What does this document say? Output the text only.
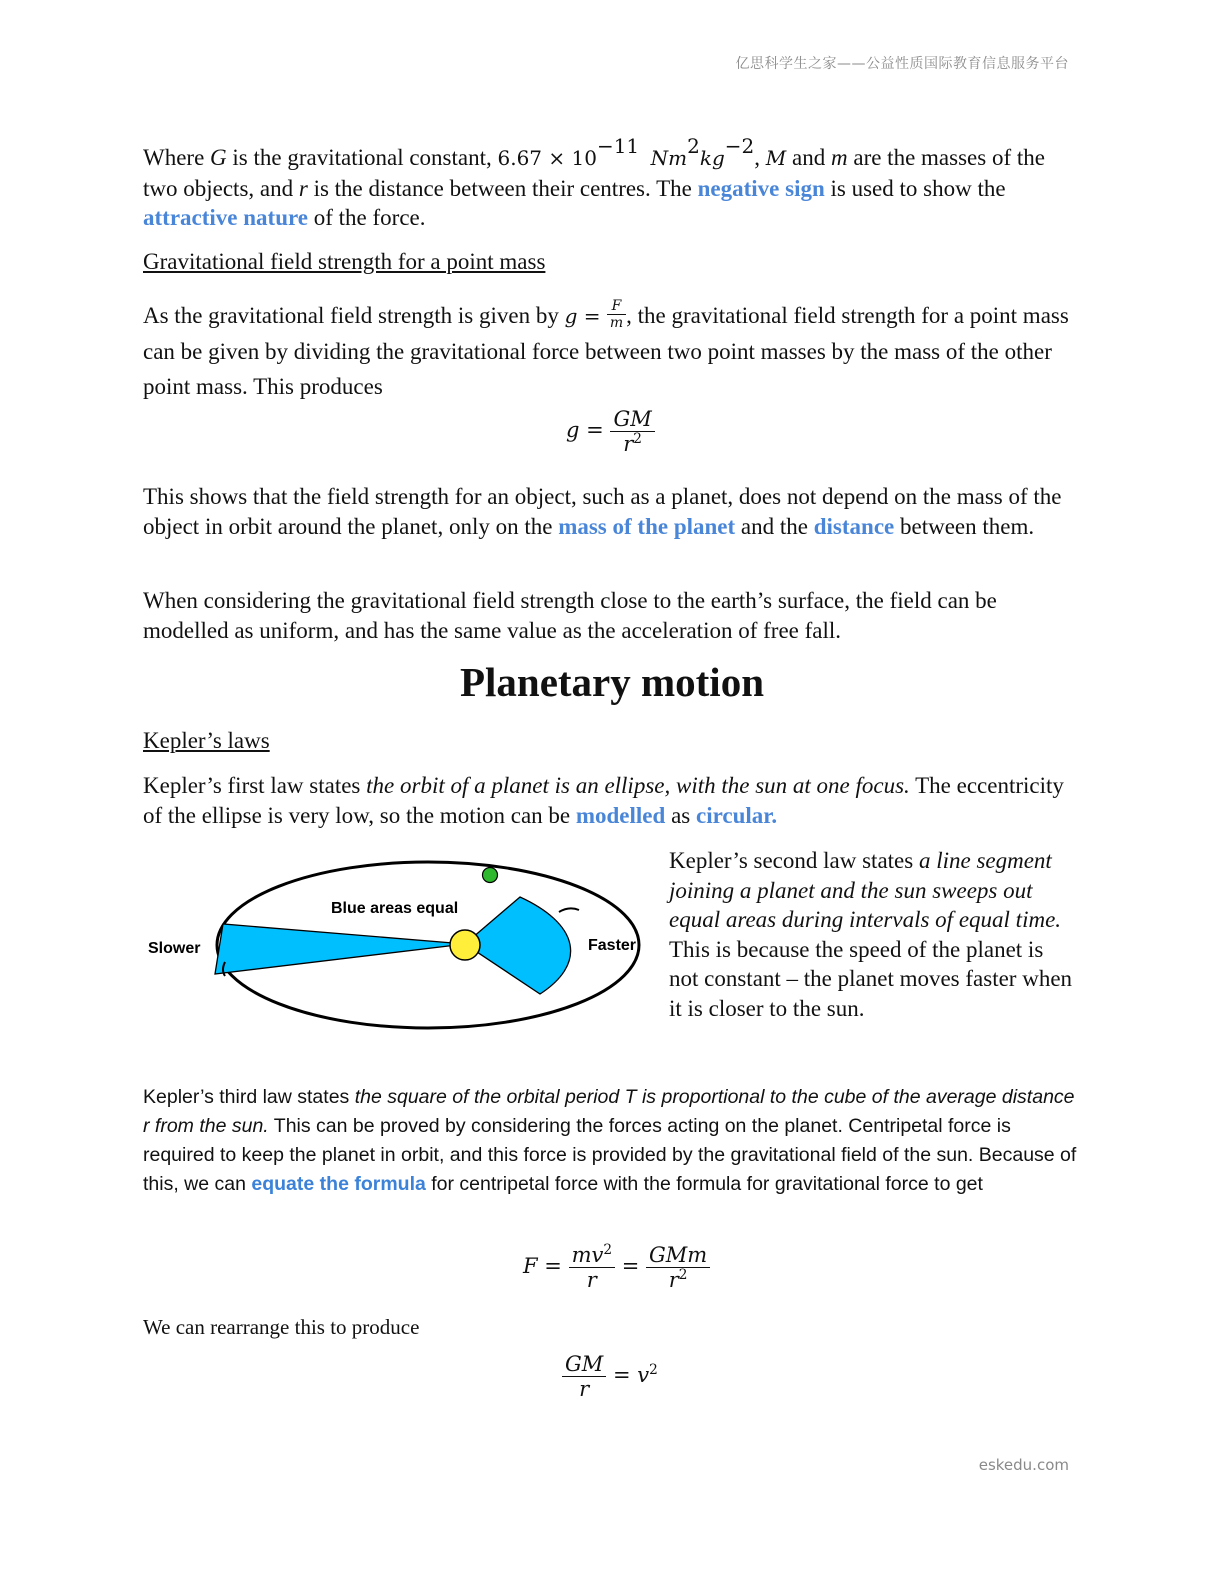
亿思科学生之家——公益性质国际教育信息服务平台

Where G is the gravitational constant, $6.67 \times 10^{-11}$ $Nm^2kg^{-2}$, M and m are the masses of the two objects, and r is the distance between their centres. The negative sign is used to show the attractive nature of the force.

Gravitational field strength for a point mass

As the gravitational field strength is given by $g = \frac{F}{m}$ , the gravitational field strength for a point mass can be given by dividing the gravitational force between two point masses by the mass of the other point mass. This produces

$g = \frac{GM}{r^2}$

This shows that the field strength for an object, such as a planet, does not depend on the mass of the object in orbit around the planet, only on the mass of the planet and the distance between them.

When considering the gravitational field strength close to the earth’s surface, the field can be modelled as uniform, and has the same value as the acceleration of free fall.

Planetary motion

Kepler’s laws

Kepler’s first law states the orbit of a planet is an ellipse, with the sun at one focus. The eccentricity of the ellipse is very low, so the motion can be modelled as circular.

Slower	Faster
Blue areas equal

Kepler’s second law states a line segment joining a planet and the sun sweeps out equal areas during intervals of equal time. This is because the speed of the planet is not constant – the planet moves faster when it is closer to the sun.

Kepler’s third law states the square of the orbital period T is proportional to the cube of the average distance r from the sun. This can be proved by considering the forces acting on the planet. Centripetal force is required to keep the planet in orbit, and this force is provided by the gravitational field of the sun. Because of this, we can equate the formula for centripetal force with the formula for gravitational force to get

$F = \frac{mv^2}{r} = \frac{\text{GMm}}{r^2}$

We can rearrange this to produce

$\frac{GM}{r} = v^2$
eskedu.com
